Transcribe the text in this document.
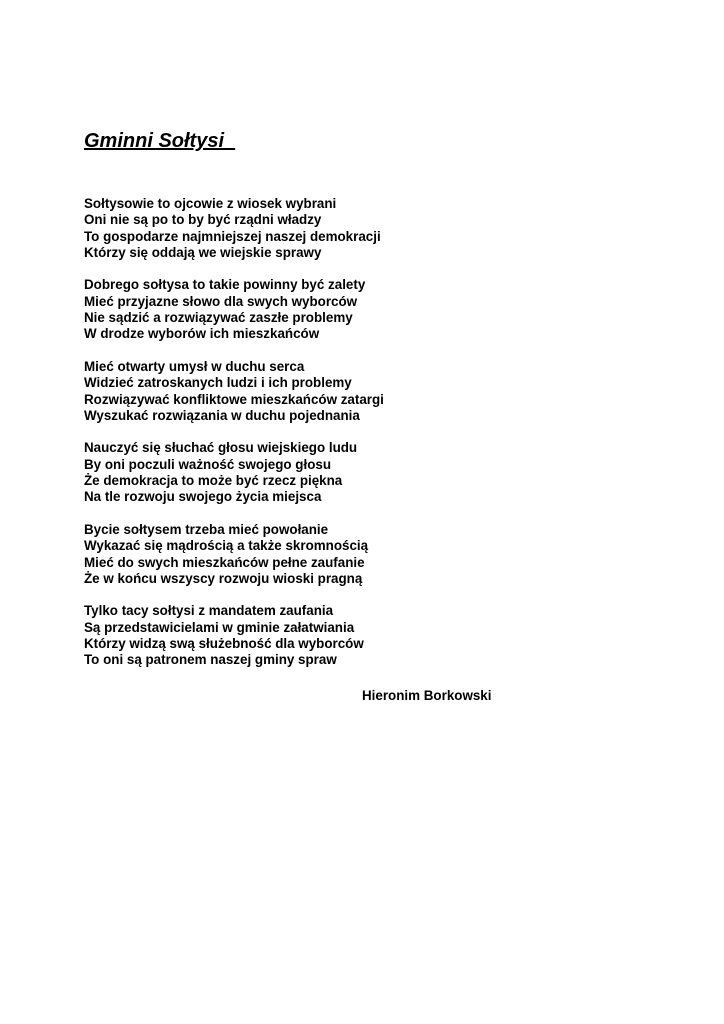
Gminni Sołtysi
Sołtysowie to ojcowie z wiosek wybrani
Oni nie są po to by być rządni władzy
To gospodarze najmniejszej naszej demokracji
Którzy się oddają we wiejskie sprawy
Dobrego sołtysa to takie powinny być zalety
Mieć przyjazne słowo dla swych wyborców
Nie sądzić a rozwiązywać zaszłe problemy
W drodze wyborów ich mieszkańców
Mieć otwarty umysł w duchu serca
Widzieć zatroskanych ludzi i ich problemy
Rozwiązywać konfliktowe mieszkańców zatargi
Wyszukać rozwiązania w duchu pojednania
Nauczyć się słuchać głosu wiejskiego ludu
By oni poczuli ważność swojego głosu
Że demokracja to może być rzecz piękna
Na tle rozwoju swojego życia miejsca
Bycie sołtysem trzeba mieć powołanie
Wykazać się mądrością a także skromnością
Mieć do swych mieszkańców pełne zaufanie
Że w końcu wszyscy rozwoju wioski pragną
Tylko tacy sołtysi z mandatem zaufania
Są przedstawicielami w gminie załatwiania
Którzy widzą swą służebność dla wyborców
To oni są patronem naszej gminy spraw
Hieronim Borkowski
